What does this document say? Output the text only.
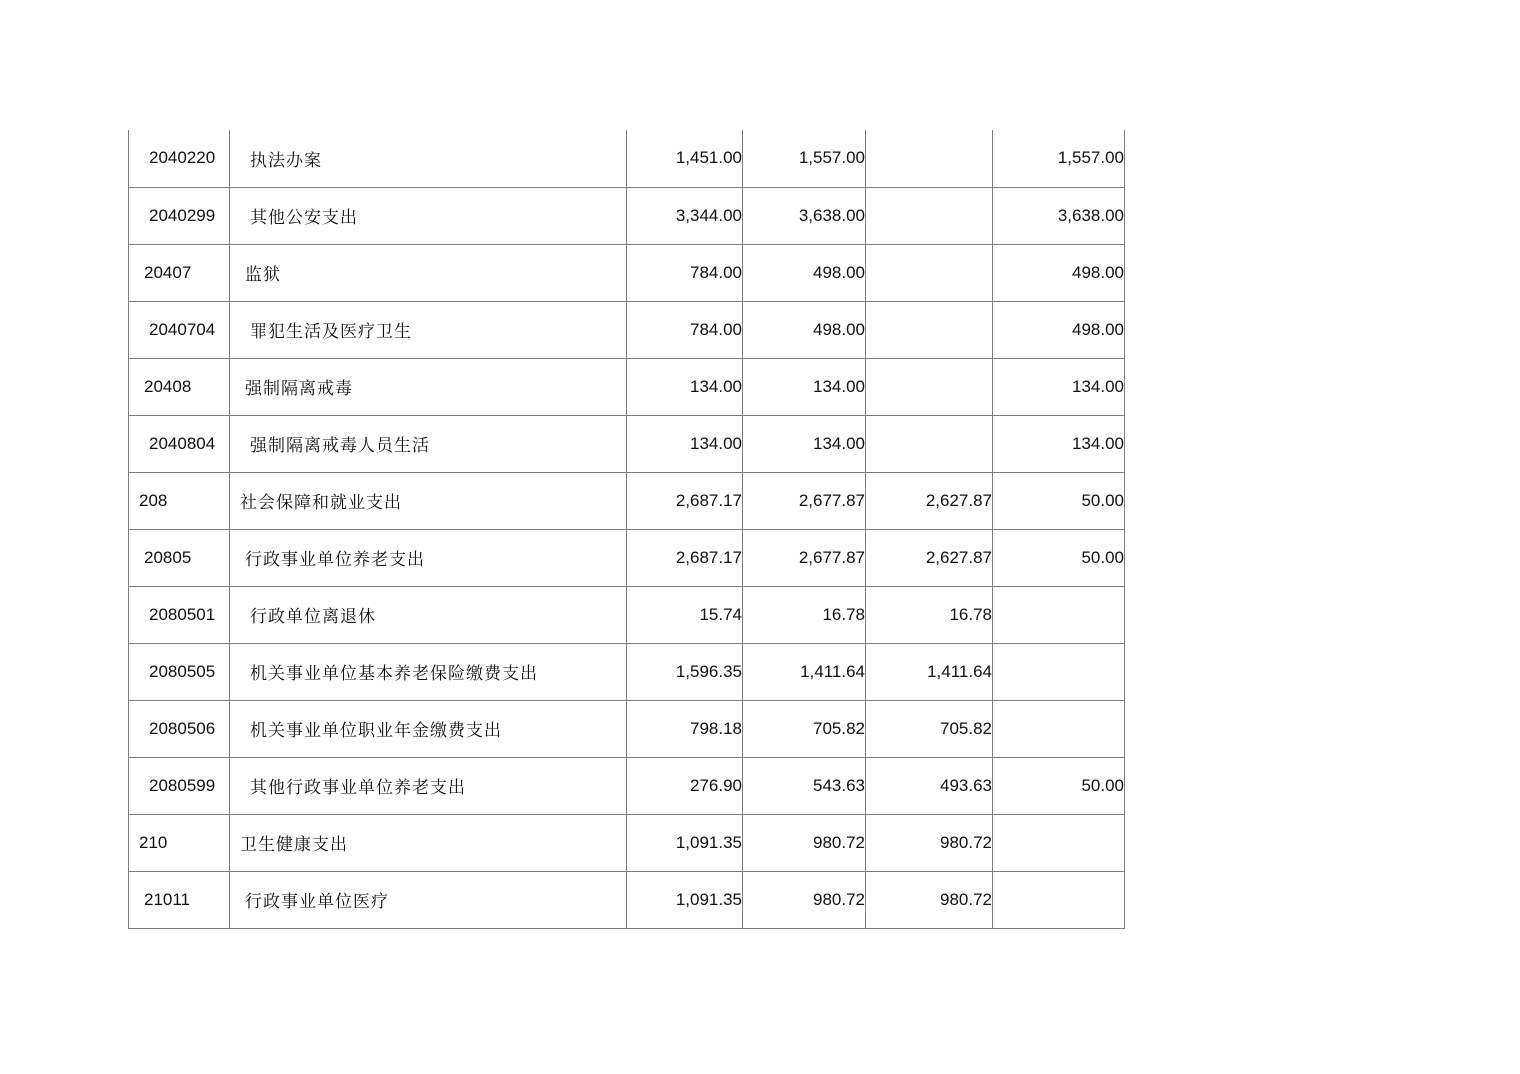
2040220	执法办案	1,451.00	1,557.00		1,557.00
2040299	其他公安支出	3,344.00	3,638.00		3,638.00
20407	监狱	784.00	498.00		498.00
2040704	罪犯生活及医疗卫生	784.00	498.00		498.00
20408	强制隔离戒毒	134.00	134.00		134.00
2040804	强制隔离戒毒人员生活	134.00	134.00		134.00
208	社会保障和就业支出	2,687.17	2,677.87	2,627.87	50.00
20805	行政事业单位养老支出	2,687.17	2,677.87	2,627.87	50.00
2080501	行政单位离退休	15.74	16.78	16.78	
2080505	机关事业单位基本养老保险缴费支出	1,596.35	1,411.64	1,411.64	
2080506	机关事业单位职业年金缴费支出	798.18	705.82	705.82	
2080599	其他行政事业单位养老支出	276.90	543.63	493.63	50.00
210	卫生健康支出	1,091.35	980.72	980.72	
21011	行政事业单位医疗	1,091.35	980.72	980.72	
